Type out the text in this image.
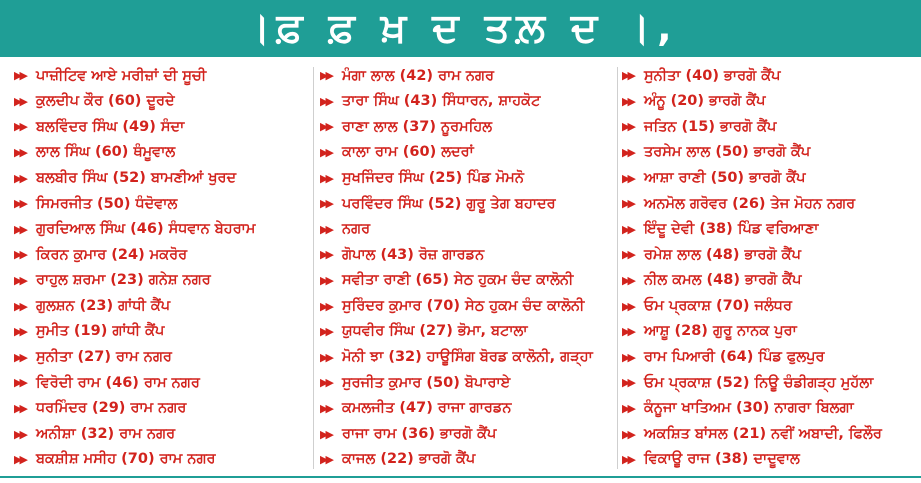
।ਫ਼ ਫ਼ ਖ਼ ਦ ਤਲ਼ ਦ ।‚
▶▶ ਪਾਜ਼ੀਟਿਵ ਆਏ ਮਰੀਜ਼ਾਂ ਦੀ ਸੂਚੀ
▶▶ ਕੁਲਦੀਪ ਕੌਰ (60) ਦੂਰਦੇ
▶▶ ਬਲਵਿੰਦਰ ਸਿੰਘ (49) ਸੰਦਾ
▶▶ ਲਾਲ ਸਿੰਘ (60) ਥੰਮੂਵਾਲ
▶▶ ਬਲਬੀਰ ਸਿੰਘ (52) ਬਾਮਣੀਆਂ ਖੁਰਦ
▶▶ ਸਿਮਰਜੀਤ (50) ਧੰਦੋਵਾਲ
▶▶ ਗੁਰਦਿਆਲ ਸਿੰਘ (46) ਸੰਧਵਾਨ ਬੇਹਰਾਮ
▶▶ ਕਿਰਨ ਕੁਮਾਰ (24) ਮਕਰੋਰ
▶▶ ਰਾਹੁਲ ਸ਼ਰਮਾ (23) ਗਨੇਸ਼ ਨਗਰ
▶▶ ਗੁਲਸ਼ਨ (23) ਗਾਂਧੀ ਕੈਂਪ
▶▶ ਸੁਮੀਤ (19) ਗਾਂਧੀ ਕੈਂਪ
▶▶ ਸੁਨੀਤਾ (27) ਰਾਮ ਨਗਰ
▶▶ ਵਿਰੋਦੀ ਰਾਮ (46) ਰਾਮ ਨਗਰ
▶▶ ਧਰਮਿੰਦਰ (29) ਰਾਮ ਨਗਰ
▶▶ ਅਨੀਸ਼ਾ (32) ਰਾਮ ਨਗਰ
▶▶ ਬਕਸ਼ੀਸ਼ ਮਸੀਹ (70) ਰਾਮ ਨਗਰ
▶▶ ਮੰਗਾ ਲਾਲ (42) ਰਾਮ ਨਗਰ
▶▶ ਤਾਰਾ ਸਿੰਘ (43) ਸਿੰਧਾਰਨ, ਸ਼ਾਹਕੋਟ
▶▶ ਰਾਣਾ ਲਾਲ (37) ਨੂਰਮਹਿਲ
▶▶ ਕਾਲਾ ਰਾਮ (60) ਲਦਰਾਂ
▶▶ ਸੁਖਜਿੰਦਰ ਸਿੰਘ (25) ਪਿੰਡ ਮੋਮਨੋ
▶▶ ਪਰਵਿੰਦਰ ਸਿੰਘ (52) ਗੁਰੂ ਤੇਗ ਬਹਾਦਰ
▶▶ ਨਗਰ
▶▶ ਗੋਪਾਲ (43) ਰੋਜ਼ ਗਾਰਡਨ
▶▶ ਸਵੀਤਾ ਰਾਣੀ (65) ਸੇਠ ਹੁਕਮ ਚੰਦ ਕਾਲੋਨੀ
▶▶ ਸੁਰਿੰਦਰ ਕੁਮਾਰ (70) ਸੇਠ ਹੁਕਮ ਚੰਦ ਕਾਲੋਨੀ
▶▶ ਯੁਧਵੀਰ ਸਿੰਘ (27) ਭੋਮਾ, ਬਟਾਲਾ
▶▶ ਮੋਨੀ ਝਾ (32) ਹਾਊਸਿੰਗ ਬੋਰਡ ਕਾਲੋਨੀ, ਗੜ੍ਹਾ
▶▶ ਸੁਰਜੀਤ ਕੁਮਾਰ (50) ਬੋਪਾਰਾਏ
▶▶ ਕਮਲਜੀਤ (47) ਰਾਜਾ ਗਾਰਡਨ
▶▶ ਰਾਜਾ ਰਾਮ (36) ਭਾਰਗੋ ਕੈਂਪ
▶▶ ਕਾਜਲ (22) ਭਾਰਗੋ ਕੈਂਪ
▶▶ ਸੁਨੀਤਾ (40) ਭਾਰਗੋ ਕੈਂਪ
▶▶ ਅੰਨੂ (20) ਭਾਰਗੋ ਕੈਂਪ
▶▶ ਜਤਿਨ (15) ਭਾਰਗੋ ਕੈਂਪ
▶▶ ਤਰਸੇਮ ਲਾਲ (50) ਭਾਰਗੋ ਕੈਂਪ
▶▶ ਆਸ਼ਾ ਰਾਣੀ (50) ਭਾਰਗੋ ਕੈਂਪ
▶▶ ਅਨਮੋਲ ਗਰੋਵਰ (26) ਤੇਜ ਮੋਹਨ ਨਗਰ
▶▶ ਇੰਦੂ ਦੇਵੀ (38) ਪਿੰਡ ਵਰਿਆਣਾ
▶▶ ਰਮੇਸ਼ ਲਾਲ (48) ਭਾਰਗੋ ਕੈਂਪ
▶▶ ਨੀਲ ਕਮਲ (48) ਭਾਰਗੋ ਕੈਂਪ
▶▶ ਓਮ ਪ੍ਰਕਾਸ਼ (70) ਜਲੰਧਰ
▶▶ ਆਸ਼ੂ (28) ਗੁਰੂ ਨਾਨਕ ਪੁਰਾ
▶▶ ਰਾਮ ਪਿਆਰੀ (64) ਪਿੰਡ ਫੁਲਪੁਰ
▶▶ ਓਮ ਪ੍ਰਕਾਸ਼ (52) ਨਿਊ ਚੰਡੀਗੜ੍ਹ ਮੁਹੱਲਾ
▶▶ ਕੰਨੂਜਾ ਖਾਤਿਅਮ (30) ਨਾਗਰਾ ਬਿਲਗਾ
▶▶ ਅਕਸ਼ਿਤ ਬਾਂਸਲ (21) ਨਵੀਂ ਅਬਾਦੀ, ਫਿਲੌਰ
▶▶ ਵਿਕਾਊ ਰਾਜ (38) ਦਾਦੂਵਾਲ
